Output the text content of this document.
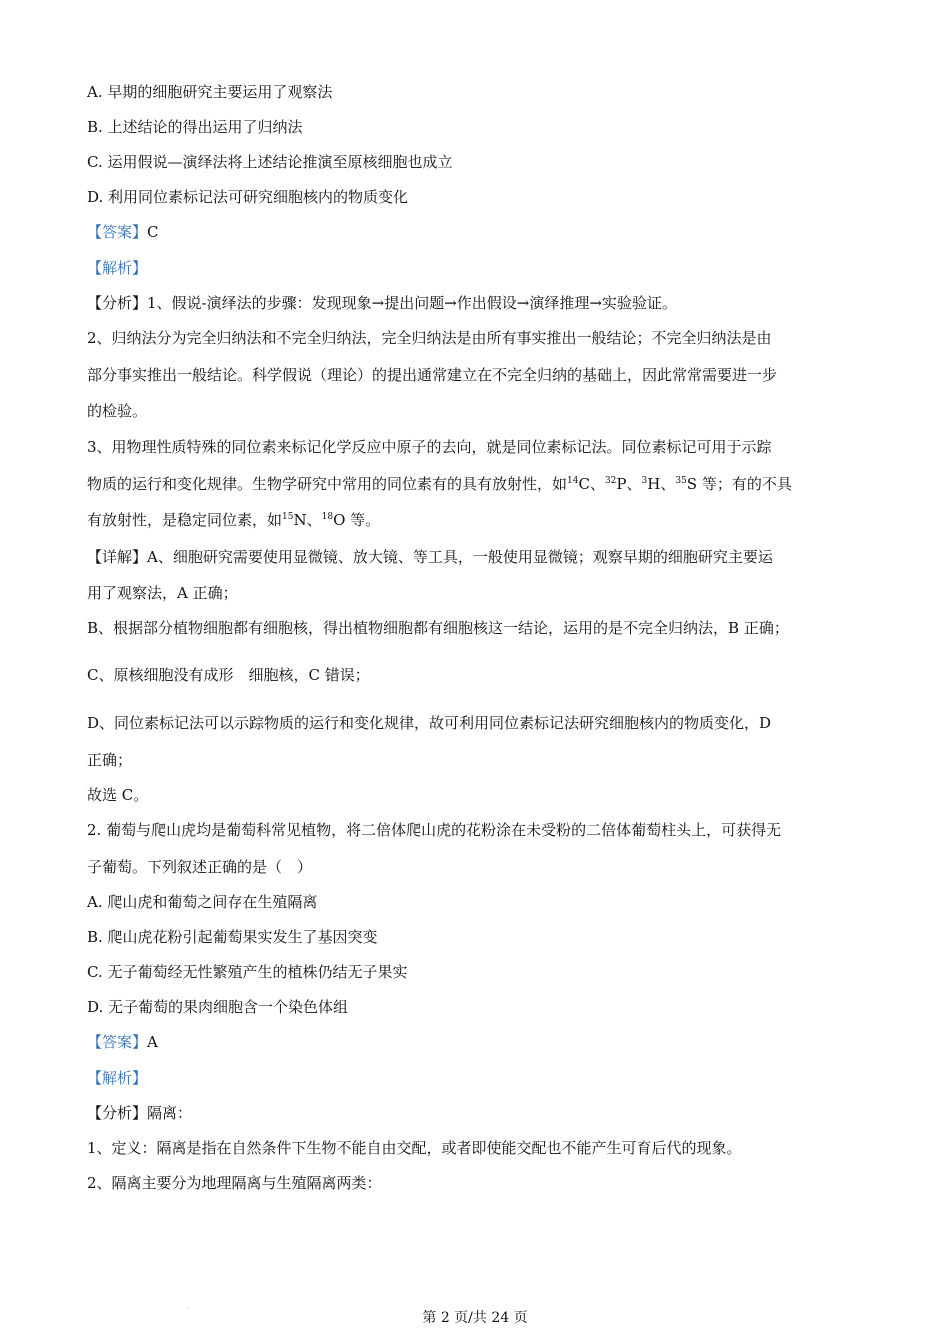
A. 早期的细胞研究主要运用了观察法
B. 上述结论的得出运用了归纳法
C. 运用假说—演绎法将上述结论推演至原核细胞也成立
D. 利用同位素标记法可研究细胞核内的物质变化
【答案】C
【解析】
【分析】1、假说-演绎法的步骤：发现现象→提出问题→作出假设→演绎推理→实验验证。
2、归纳法分为完全归纳法和不完全归纳法，完全归纳法是由所有事实推出一般结论；不完全归纳法是由
部分事实推出一般结论。科学假说（理论）的提出通常建立在不完全归纳的基础上，因此常常需要进一步
的检验。
3、用物理性质特殊的同位素来标记化学反应中原子的去向，就是同位素标记法。同位素标记可用于示踪
物质的运行和变化规律。生物学研究中常用的同位素有的具有放射性，如$^{14}$C、$^{32}$P、$^3$H、$^{35}$S 等；有的不具
有放射性，是稳定同位素，如$^{15}$N、$^{18}$O 等。
【详解】A、细胞研究需要使用显微镜、放大镜、等工具，一般使用显微镜；观察早期的细胞研究主要运
用了观察法，A 正确；
B、根据部分植物细胞都有细胞核，得出植物细胞都有细胞核这一结论，运用的是不完全归纳法，B 正确；
C、原核细胞没有成形　细胞核，C 错误；
D、同位素标记法可以示踪物质的运行和变化规律，故可利用同位素标记法研究细胞核内的物质变化，D
正确；
故选 C。
2. 葡萄与爬山虎均是葡萄科常见植物，将二倍体爬山虎的花粉涂在未受粉的二倍体葡萄柱头上，可获得无
子葡萄。下列叙述正确的是（　）
A. 爬山虎和葡萄之间存在生殖隔离
B. 爬山虎花粉引起葡萄果实发生了基因突变
C. 无子葡萄经无性繁殖产生的植株仍结无子果实
D. 无子葡萄的果肉细胞含一个染色体组
【答案】A
【解析】
【分析】隔离：
1、定义：隔离是指在自然条件下生物不能自由交配，或者即使能交配也不能产生可育后代的现象。
2、隔离主要分为地理隔离与生殖隔离两类：
·
第 2 页/共 24 页
